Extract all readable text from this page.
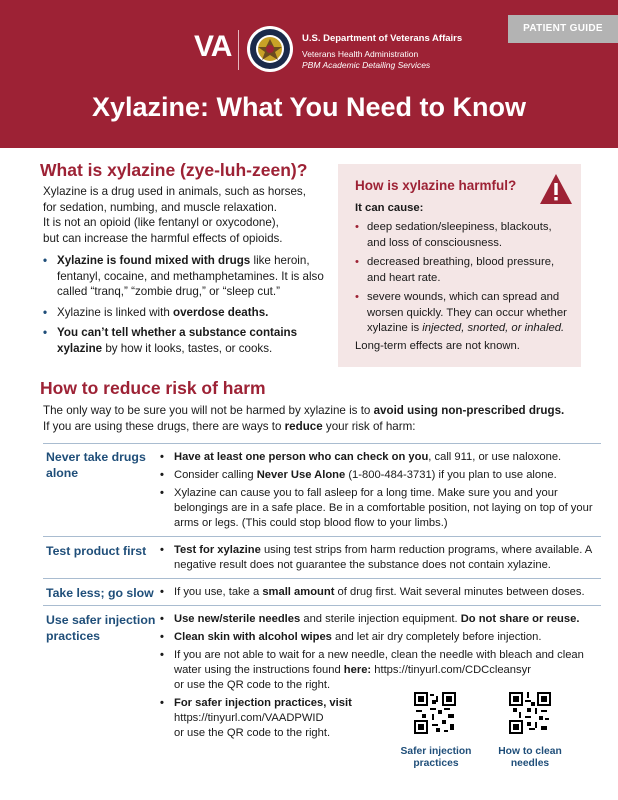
PATIENT GUIDE
VA	U.S. Department of Veterans Affairs
Veterans Health Administration
PBM Academic Detailing Services
Xylazine: What You Need to Know
What is xylazine (zye-luh-zeen)?
Xylazine is a drug used in animals, such as horses,
for sedation, numbing, and muscle relaxation.
It is not an opioid (like fentanyl or oxycodone),
but can increase the harmful effects of opioids.
• Xylazine is found mixed with drugs like heroin, fentanyl, cocaine, and methamphetamines. It is also called “tranq,” “zombie drug,” or “sleep cut.”
• Xylazine is linked with overdose deaths.
• You can’t tell whether a substance contains xylazine by how it looks, tastes, or cooks.
How is xylazine harmful?
It can cause:
• deep sedation/sleepiness, blackouts, and loss of consciousness.
• decreased breathing, blood pressure, and heart rate.
• severe wounds, which can spread and worsen quickly. They can occur whether xylazine is injected, snorted, or inhaled.
Long-term effects are not known.
How to reduce risk of harm
The only way to be sure you will not be harmed by xylazine is to avoid using non-prescribed drugs.
If you are using these drugs, there are ways to reduce your risk of harm:
Never take drugs alone
• Have at least one person who can check on you, call 911, or use naloxone.
• Consider calling Never Use Alone (1-800-484-3731) if you plan to use alone.
• Xylazine can cause you to fall asleep for a long time. Make sure you and your belongings are in a safe place. Be in a comfortable position, not laying on top of your arms or legs. (This could stop blood flow to your limbs.)
Test product first	• Test for xylazine using test strips from harm reduction programs, where available. A negative result does not guarantee the substance does not contain xylazine.
Take less; go slow	• If you use, take a small amount of drug first. Wait several minutes between doses.
Use safer injection practices
• Use new/sterile needles and sterile injection equipment. Do not share or reuse.
• Clean skin with alcohol wipes and let air dry completely before injection.
• If you are not able to wait for a new needle, clean the needle with bleach and clean water using the instructions found here: https://tinyurl.com/CDCcleansyr
or use the QR code to the right.
• For safer injection practices, visit
https://tinyurl.com/VAADPWID
or use the QR code to the right.
Safer injection
practices
How to clean
needles
